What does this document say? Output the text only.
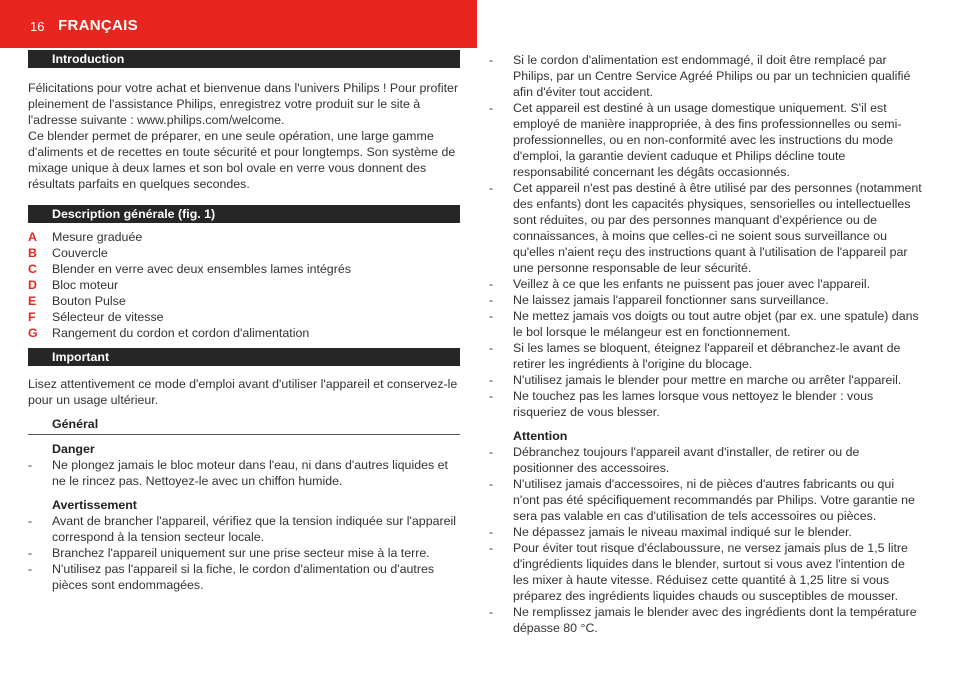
16 FRANÇAIS
Introduction

Félicitations pour votre achat et bienvenue dans l'univers Philips ! Pour profiter pleinement de l'assistance Philips, enregistrez votre produit sur le site à l'adresse suivante : www.philips.com/welcome.

Ce blender permet de préparer, en une seule opération, une large gamme d'aliments et de recettes en toute sécurité et pour longtemps. Son système de mixage unique à deux lames et son bol ovale en verre vous donnent des résultats parfaits en quelques secondes.

Description générale (fig. 1)
A	Mesure graduée
B	Couvercle
C	Blender en verre avec deux ensembles lames intégrés
D	Bloc moteur
E	Bouton Pulse
F	Sélecteur de vitesse
G	Rangement du cordon et cordon d'alimentation
Important

Lisez attentivement ce mode d'emploi avant d'utiliser l'appareil et conservez-le pour un usage ultérieur.

Général
Danger
-	Ne plongez jamais le bloc moteur dans l'eau, ni dans d'autres liquides et ne le rincez pas. Nettoyez-le avec un chiffon humide.
Avertissement
-	Avant de brancher l'appareil, vérifiez que la tension indiquée sur l'appareil correspond à la tension secteur locale.
-	Branchez l'appareil uniquement sur une prise secteur mise à la terre.
-	N'utilisez pas l'appareil si la fiche, le cordon d'alimentation ou d'autres pièces sont endommagées.
-	Si le cordon d'alimentation est endommagé, il doit être remplacé par Philips, par un Centre Service Agréé Philips ou par un technicien qualifié afin d'éviter tout accident.
-	Cet appareil est destiné à un usage domestique uniquement. S'il est employé de manière inappropriée, à des fins professionnelles ou semi-professionnelles, ou en non-conformité avec les instructions du mode d'emploi, la garantie devient caduque et Philips décline toute responsabilité concernant les dégâts occasionnés.
-	Cet appareil n'est pas destiné à être utilisé par des personnes (notamment des enfants) dont les capacités physiques, sensorielles ou intellectuelles sont réduites, ou par des personnes manquant d'expérience ou de connaissances, à moins que celles-ci ne soient sous surveillance ou qu'elles n'aient reçu des instructions quant à l'utilisation de l'appareil par une personne responsable de leur sécurité.
-	Veillez à ce que les enfants ne puissent pas jouer avec l'appareil.
-	Ne laissez jamais l'appareil fonctionner sans surveillance.
-	Ne mettez jamais vos doigts ou tout autre objet (par ex. une spatule) dans le bol lorsque le mélangeur est en fonctionnement.
-	Si les lames se bloquent, éteignez l'appareil et débranchez-le avant de retirer les ingrédients à l'origine du blocage.
-	N'utilisez jamais le blender pour mettre en marche ou arrêter l'appareil.
-	Ne touchez pas les lames lorsque vous nettoyez le blender : vous risqueriez de vous blesser.
Attention
-	Débranchez toujours l'appareil avant d'installer, de retirer ou de positionner des accessoires.
-	N'utilisez jamais d'accessoires, ni de pièces d'autres fabricants ou qui n'ont pas été spécifiquement recommandés par Philips. Votre garantie ne sera pas valable en cas d'utilisation de tels accessoires ou pièces.
-	Ne dépassez jamais le niveau maximal indiqué sur le blender.
-	Pour éviter tout risque d'éclaboussure, ne versez jamais plus de 1,5 litre d'ingrédients liquides dans le blender, surtout si vous avez l'intention de les mixer à haute vitesse. Réduisez cette quantité à 1,25 litre si vous préparez des ingrédients liquides chauds ou susceptibles de mousser.
-	Ne remplissez jamais le blender avec des ingrédients dont la température dépasse 80 °C.
